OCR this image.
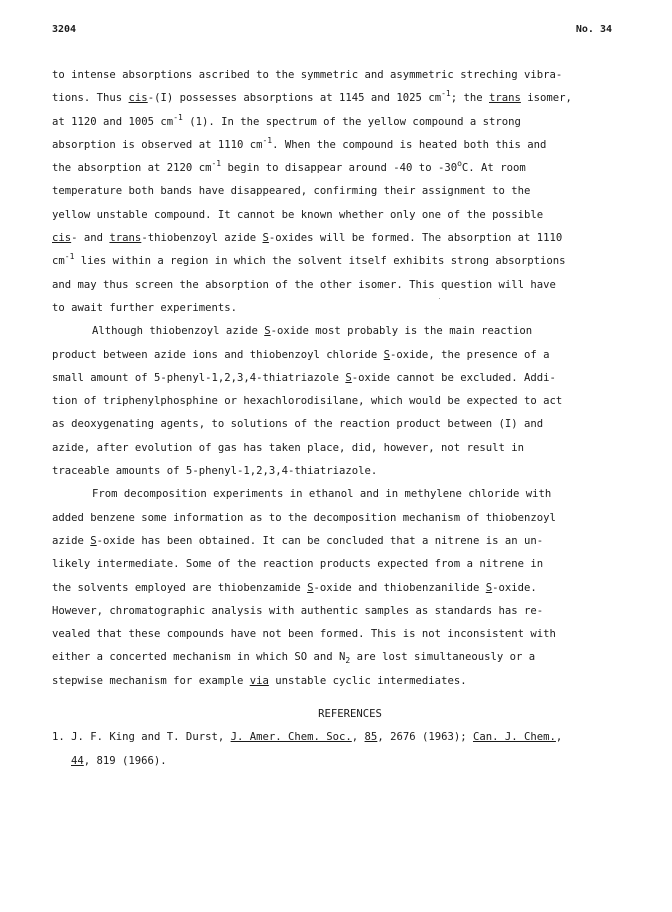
3204	No. 34
to intense absorptions ascribed to the symmetric and asymmetric streching vibra-
tions. Thus cis-(I) possesses absorptions at 1145 and 1025 $cm^{-1}$; the trans isomer,
at 1120 and 1005 $cm^{-1}$ (1). In the spectrum of the yellow compound a strong
absorption is observed at 1110 $cm^{-1}$. When the compound is heated both this and
the absorption at 2120 $cm^{-1}$ begin to disappear around -40 to -30$^o$C. At room
temperature both bands have disappeared, confirming their assignment to the
yellow unstable compound. It cannot be known whether only one of the possible
cis- and trans-thiobenzoyl azide S-oxides will be formed. The absorption at 1110
$cm^{-1}$ lies within a region in which the solvent itself exhibits strong absorptions
and may thus screen the absorption of the other isomer. This question will have
to await further experiments.
Although thiobenzoyl azide S-oxide most probably is the main reaction
product between azide ions and thiobenzoyl chloride S-oxide, the presence of a
small amount of 5-phenyl-1,2,3,4-thiatriazole S-oxide cannot be excluded. Addi-
tion of triphenylphosphine or hexachlorodisilane, which would be expected to act
as deoxygenating agents, to solutions of the reaction product between (I) and
azide, after evolution of gas has taken place, did, however, not result in
traceable amounts of 5-phenyl-1,2,3,4-thiatriazole.
From decomposition experiments in ethanol and in methylene chloride with
added benzene some information as to the decomposition mechanism of thiobenzoyl
azide S-oxide has been obtained. It can be concluded that a nitrene is an un-
likely intermediate. Some of the reaction products expected from a nitrene in
the solvents employed are thiobenzamide S-oxide and thiobenzanilide S-oxide.
However, chromatographic analysis with authentic samples as standards has re-
vealed that these compounds have not been formed. This is not inconsistent with
either a concerted mechanism in which SO and $N_2$ are lost simultaneously or a
stepwise mechanism for example via unstable cyclic intermediates.
REFERENCES
1. J. F. King and T. Durst, J. Amer. Chem. Soc., 85, 2676 (1963); Can. J. Chem.,
44, 819 (1966).
